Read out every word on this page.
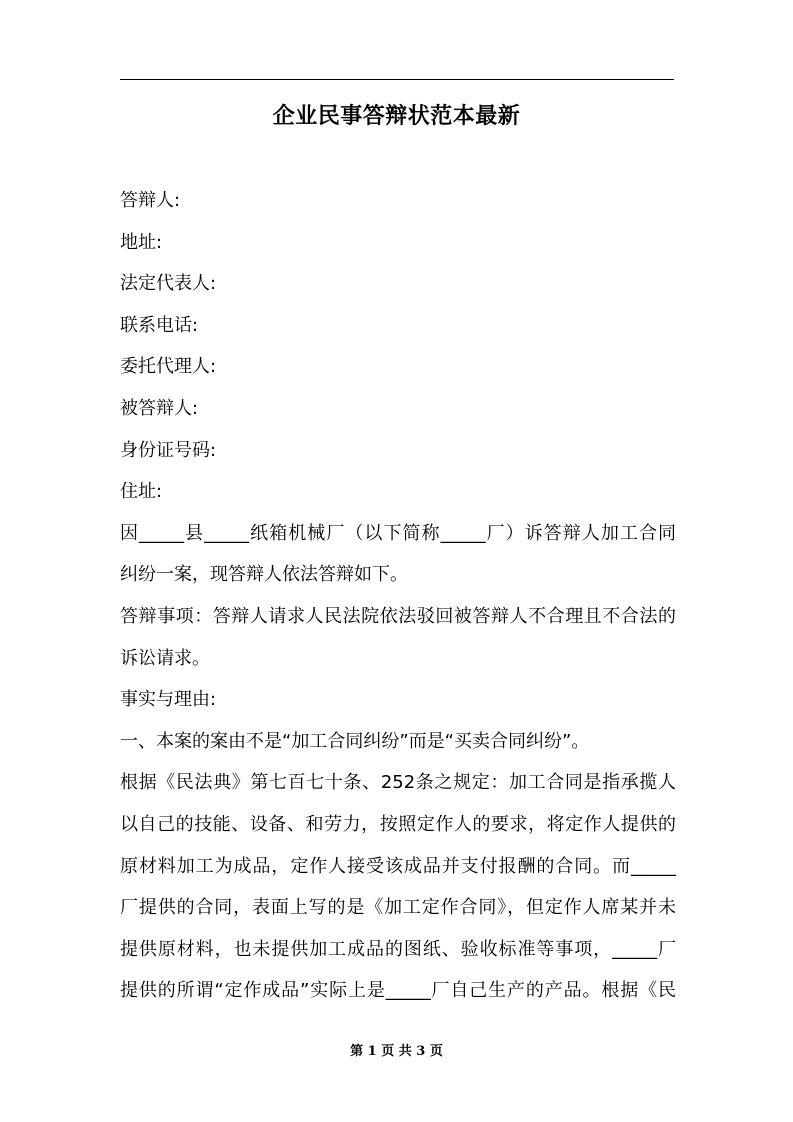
企业民事答辩状范本最新
答辩人:
地址:
法定代表人:
联系电话:
委托代理人:
被答辩人:
身份证号码:
住址:
因_____县_____纸箱机械厂（以下简称_____厂）诉答辩人加工合同
纠纷一案，现答辩人依法答辩如下。
答辩事项：答辩人请求人民法院依法驳回被答辩人不合理且不合法的
诉讼请求。
事实与理由:
一、本案的案由不是“加工合同纠纷”而是“买卖合同纠纷”。
根据《民法典》第七百七十条、252条之规定：加工合同是指承揽人
以自己的技能、设备、和劳力，按照定作人的要求，将定作人提供的
原材料加工为成品，定作人接受该成品并支付报酬的合同。而_____
厂提供的合同，表面上写的是《加工定作合同》，但定作人席某并未
提供原材料，也未提供加工成品的图纸、验收标准等事项，_____厂
提供的所谓“定作成品”实际上是_____厂自己生产的产品。根据《民
第 1 页 共 3 页
